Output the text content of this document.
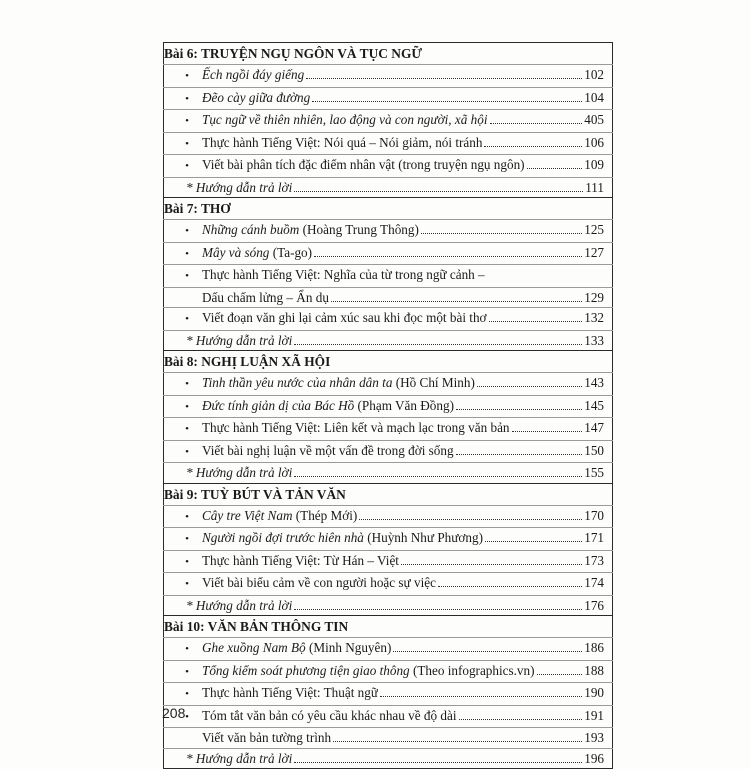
Bài 6: TRUYỆN NGỤ NGÔN VÀ TỤC NGỮ

• Ếch ngồi đáy giếng	102

• Đẽo cày giữa đường	104

• Tục ngữ về thiên nhiên, lao động và con người, xã hội	405

• Thực hành Tiếng Việt: Nói quá – Nói giảm, nói tránh	106

• Viết bài phân tích đặc điểm nhân vật (trong truyện ngụ ngôn)	109

* Hướng dẫn trả lời	111

Bài 7: THƠ

• Những cánh buồm (Hoàng Trung Thông)	125

• Mây và sóng (Ta-go)	127

• Thực hành Tiếng Việt: Nghĩa của từ trong ngữ cảnh –

Dấu chấm lửng – Ẩn dụ	129

• Viết đoạn văn ghi lại cảm xúc sau khi đọc một bài thơ	132

* Hướng dẫn trả lời	133

Bài 8: NGHỊ LUẬN XÃ HỘI

• Tinh thần yêu nước của nhân dân ta (Hồ Chí Minh)	143

• Đức tính giản dị của Bác Hồ (Phạm Văn Đồng)	145

• Thực hành Tiếng Việt: Liên kết và mạch lạc trong văn bản	147

• Viết bài nghị luận về một vấn đề trong đời sống	150

* Hướng dẫn trả lời	155

Bài 9: TUỲ BÚT VÀ TẢN VĂN

• Cây tre Việt Nam (Thép Mới)	170

• Người ngồi đợi trước hiên nhà (Huỳnh Như Phương)	171

• Thực hành Tiếng Việt: Từ Hán – Việt	173

• Viết bài biểu cảm về con người hoặc sự việc	174

* Hướng dẫn trả lời	176

Bài 10: VĂN BẢN THÔNG TIN

• Ghe xuồng Nam Bộ (Minh Nguyên)	186

• Tổng kiểm soát phương tiện giao thông (Theo infographics.vn)	188

• Thực hành Tiếng Việt: Thuật ngữ	190

• Tóm tắt văn bản có yêu cầu khác nhau về độ dài	191

Viết văn bản tường trình	193

* Hướng dẫn trả lời	196
208
